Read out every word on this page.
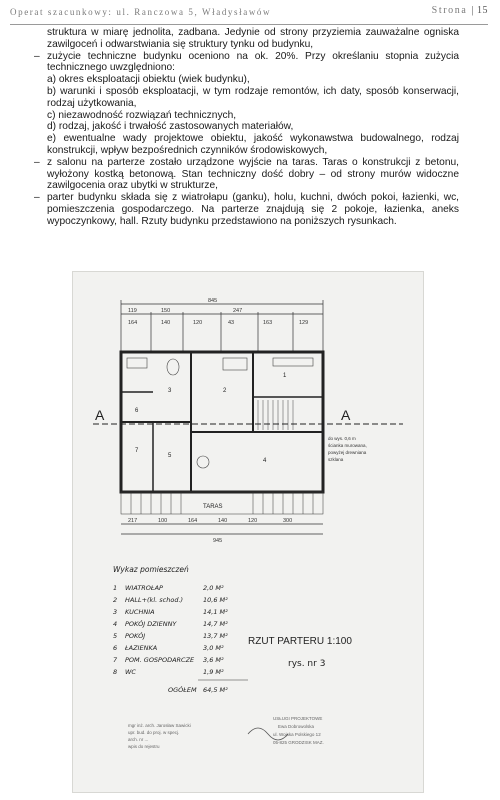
Operat szacunkowy: ul. Ranczowa 5, Władysławów	Strona | 15

struktura w miarę jednolita, zadbana. Jedynie od strony przyziemia zauważalne ogniska zawilgoceń i odwarstwiania się struktury tynku od budynku,

– zużycie techniczne budynku oceniono na ok. 20%. Przy określaniu stopnia zużycia technicznego uwzględniono:

a) okres eksploatacji obiektu (wiek budynku),

b) warunki i sposób eksploatacji, w tym rodzaje remontów, ich daty, sposób konserwacji, rodzaj użytkowania,

c) niezawodność rozwiązań technicznych,

d) rodzaj, jakość i trwałość zastosowanych materiałów,

e) ewentualne wady projektowe obiektu, jakość wykonawstwa budowalnego, rodzaj konstrukcji, wpływ bezpośrednich czynników środowiskowych,

– z salonu na parterze zostało urządzone wyjście na taras. Taras o konstrukcji z betonu, wyłożony kostką betonową. Stan techniczny dość dobry – od strony murów widoczne zawilgocenia oraz ubytki w strukturze,

– parter budynku składa się z wiatrołapu (ganku), holu, kuchni, dwóch pokoi, łazienki, wc, pomieszczenia gospodarczego. Na parterze znajdują się 2 pokoje, łazienka, aneks wypoczynkowy, hall. Rzuty budynku przedstawiono na poniższych rysunkach.

845
119	150	247
164	140	120	43	163	129
TARAS
3	2
1
5
4
6
7
A	A
do wys. 0,6 m
ścianka murowana,
powyżej drewniana
szklana
217	100	164	140	120	300
945
Wykaz pomieszczeń
1 WIATROŁAP	2,0 M²
2 HALL+(kl. schod.)	10,6 M²
3 KUCHNIA	14,1 M²
4 POKÓJ DZIENNY	14,7 M²
5 POKÓJ	13,7 M²
6 ŁAZIENKA	3,0 M²
7 POM. GOSPODARCZE 3,6 M²
8 WC	1,9 M²
OGÓŁEM 64,5 M²
RZUT PARTERU 1:100
rys. nr 3
mgr inż. arch. Jarosław Sawicki
upr. bud. do proj. w specj.
arch. nr ...
wpis do rejestru
USŁUGI PROJEKTOWE
Ewa Dobrowolska
ul. Wojska Polskiego 12
05-825 GRODZISK MAZ.
